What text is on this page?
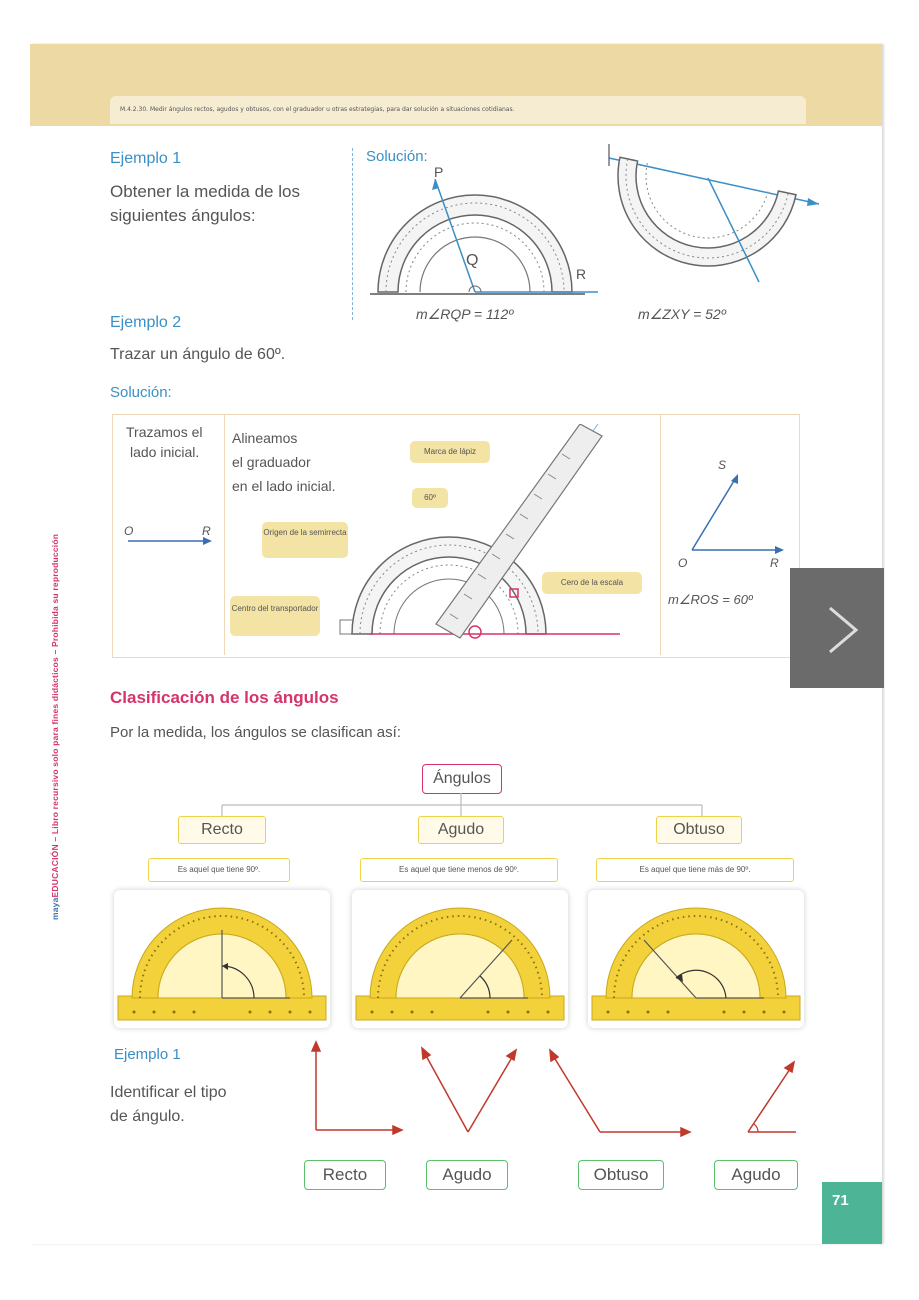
M.4.2.30. Medir ángulos rectos, agudos y obtusos, con el graduador u otras estrategias, para dar solución a situaciones cotidianas.
Ejemplo 1
Obtener la medida de los
siguientes ángulos:
Solución:
P
Q
R
m∠RQP = 112º	m∠ZXY = 52º
Ejemplo 2
Trazar un ángulo de 60º.
Solución:
Trazamos el
lado inicial.
O	R
Alineamos
el graduador
en el lado inicial.
Marca de lápiz
60º
Origen de la semirrecta
Cero de la escala
Centro del transportador
S
O	R
m∠ROS = 60º
Clasificación de los ángulos
Por la medida, los ángulos se clasifican así:
Ángulos
Recto	Agudo	Obtuso
Es aquel que tiene 90º.	Es aquel que tiene menos de 90º.	Es aquel que tiene más de 90º.
Ejemplo 1
Identificar el tipo
de ángulo.
Recto	Agudo	Obtuso	Agudo
mayaEDUCACIÓN – Libro recursivo solo para fines didácticos – Prohibida su reproducción
71
